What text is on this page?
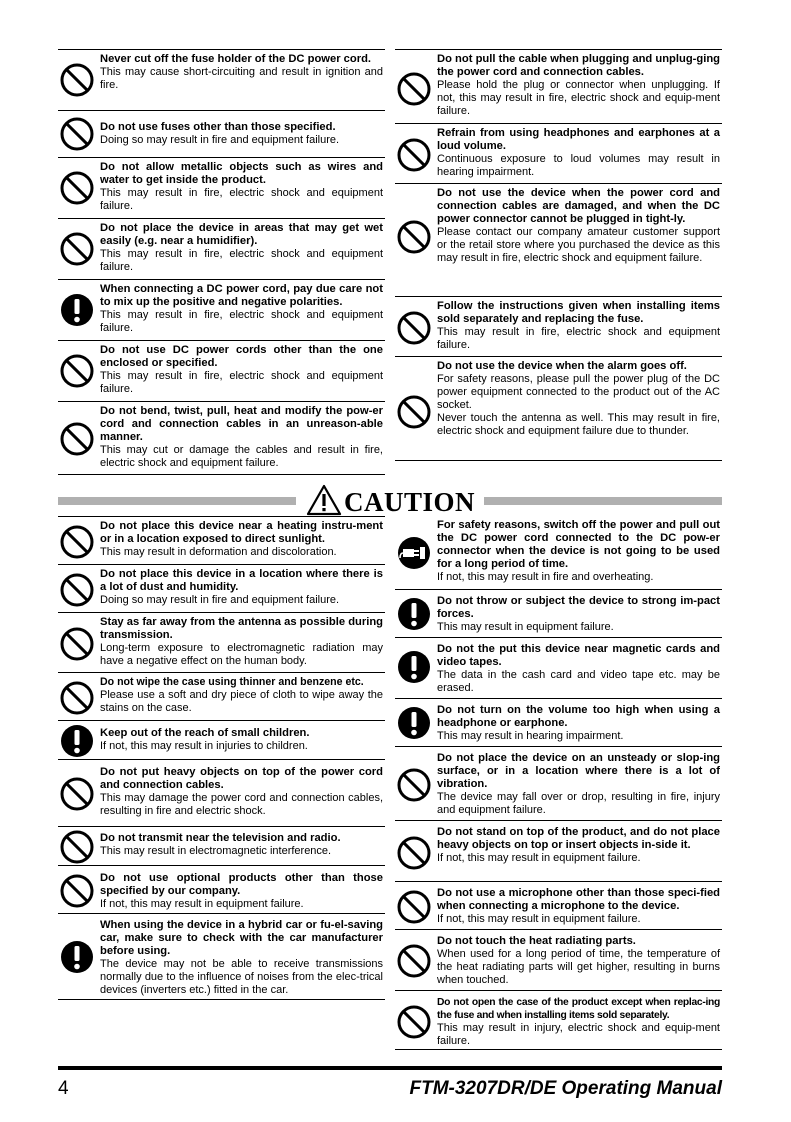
Never cut off the fuse holder of the DC power cord.

This may cause short-circuiting and result in ignition and fire.

Do not use fuses other than those specified.

Doing so may result in fire and equipment failure.

Do not allow metallic objects such as wires and water to get inside the product.

This may result in fire, electric shock and equipment failure.

Do not place the device in areas that may get wet easily (e.g. near a humidifier).

This may result in fire, electric shock and equipment failure.

When connecting a DC power cord, pay due care not to mix up the positive and negative polarities.

This may result in fire, electric shock and equipment failure.

Do not use DC power cords other than the one enclosed or specified.

This may result in fire, electric shock and equipment failure.

Do not bend, twist, pull, heat and modify the pow-er cord and connection cables in an unreason-able manner.

This may cut or damage the cables and result in fire, electric shock and equipment failure.

Do not pull the cable when plugging and unplug-ging the power cord and connection cables.

Please hold the plug or connector when unplugging. If not, this may result in fire, electric shock and equip-ment failure.

Refrain from using headphones and earphones at a loud volume.

Continuous exposure to loud volumes may result in hearing impairment.

Do not use the device when the power cord and connection cables are damaged, and when the DC power connector cannot be plugged in tight-ly.

Please contact our company amateur customer support or the retail store where you purchased the device as this may result in fire, electric shock and equipment failure.

Follow the instructions given when installing items sold separately and replacing the fuse.

This may result in fire, electric shock and equipment failure.

Do not use the device when the alarm goes off.

For safety reasons, please pull the power plug of the DC power equipment connected to the product out of the AC socket.

Never touch the antenna as well. This may result in fire, electric shock and equipment failure due to thunder.

CAUTION

Do not place this device near a heating instru-ment or in a location exposed to direct sunlight.

This may result in deformation and discoloration.

Do not place this device in a location where there is a lot of dust and humidity.

Doing so may result in fire and equipment failure.

Stay as far away from the antenna as possible during transmission.

Long-term exposure to electromagnetic radiation may have a negative effect on the human body.

Do not wipe the case using thinner and benzene etc.

Please use a soft and dry piece of cloth to wipe away the stains on the case.

Keep out of the reach of small children.

If not, this may result in injuries to children.

Do not put heavy objects on top of the power cord and connection cables.

This may damage the power cord and connection cables, resulting in fire and electric shock.

Do not transmit near the television and radio.

This may result in electromagnetic interference.

Do not use optional products other than those specified by our company.

If not, this may result in equipment failure.

When using the device in a hybrid car or fu-el-saving car, make sure to check with the car manufacturer before using.

The device may not be able to receive transmissions normally due to the influence of noises from the elec-trical devices (inverters etc.) fitted in the car.

For safety reasons, switch off the power and pull out the DC power cord connected to the DC pow-er connector when the device is not going to be used for a long period of time.

If not, this may result in fire and overheating.

Do not throw or subject the device to strong im-pact forces.

This may result in equipment failure.

Do not the put this device near magnetic cards and video tapes.

The data in the cash card and video tape etc. may be erased.

Do not turn on the volume too high when using a headphone or earphone.

This may result in hearing impairment.

Do not place the device on an unsteady or slop-ing surface, or in a location where there is a lot of vibration.

The device may fall over or drop, resulting in fire, injury and equipment failure.

Do not stand on top of the product, and do not place heavy objects on top or insert objects in-side it.

If not, this may result in equipment failure.

Do not use a microphone other than those speci-fied when connecting a microphone to the device.

If not, this may result in equipment failure.

Do not touch the heat radiating parts.

When used for a long period of time, the temperature of the heat radiating parts will get higher, resulting in burns when touched.

Do not open the case of the product except when replac-ing the fuse and when installing items sold separately.

This may result in injury, electric shock and equip-ment failure.

4	FTM-3207DR/DE Operating Manual
